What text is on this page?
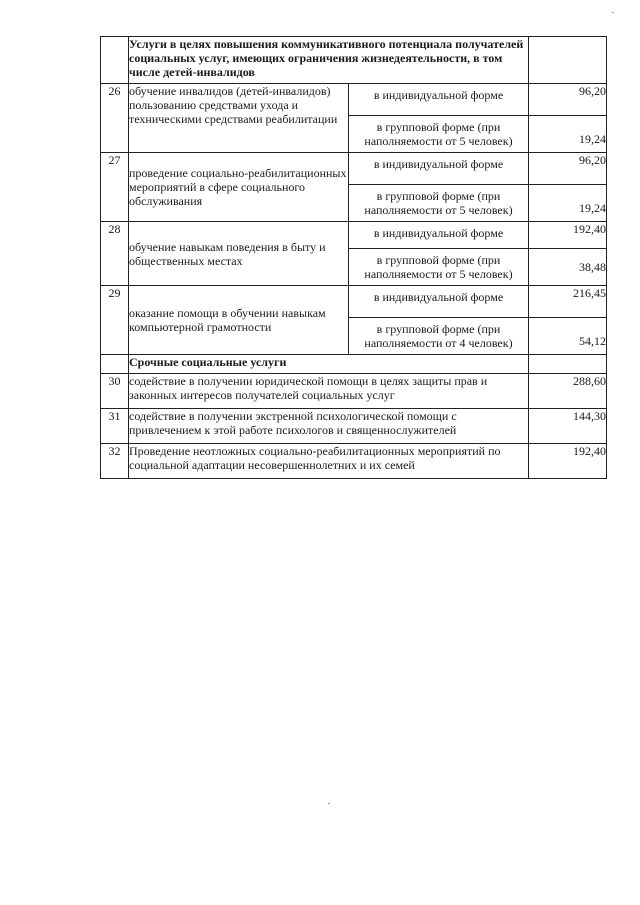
	Услуги в целях повышения коммуникативного потенциала получателей социальных услуг, имеющих ограничения жизнедеятельности, в том числе детей-инвалидов		
26	обучение инвалидов (детей-инвалидов) пользованию средствами ухода и техническими средствами реабилитации	в индивидуальной форме	96,20
		в групповой форме (при наполняемости от 5 человек)	19,24
27	проведение социально-реабилитационных мероприятий в сфере социального обслуживания	в индивидуальной форме	96,20
		в групповой форме (при наполняемости от 5 человек)	19,24
28	обучение навыкам поведения в быту и общественных местах	в индивидуальной форме	192,40
		в групповой форме (при наполняемости от 5 человек)	38,48
29	оказание помощи в обучении навыкам компьютерной грамотности	в индивидуальной форме	216,45
		в групповой форме (при наполняемости от 4 человек)	54,12
	Срочные социальные услуги		
30	содействие в получении юридической помощи в целях защиты прав и законных интересов получателей социальных услуг		288,60
31	содействие в получении экстренной психологической помощи с привлечением к этой работе психологов и священнослужителей		144,30
32	Проведение неотложных социально-реабилитационных мероприятий по социальной адаптации несовершеннолетних и их семей		192,40
